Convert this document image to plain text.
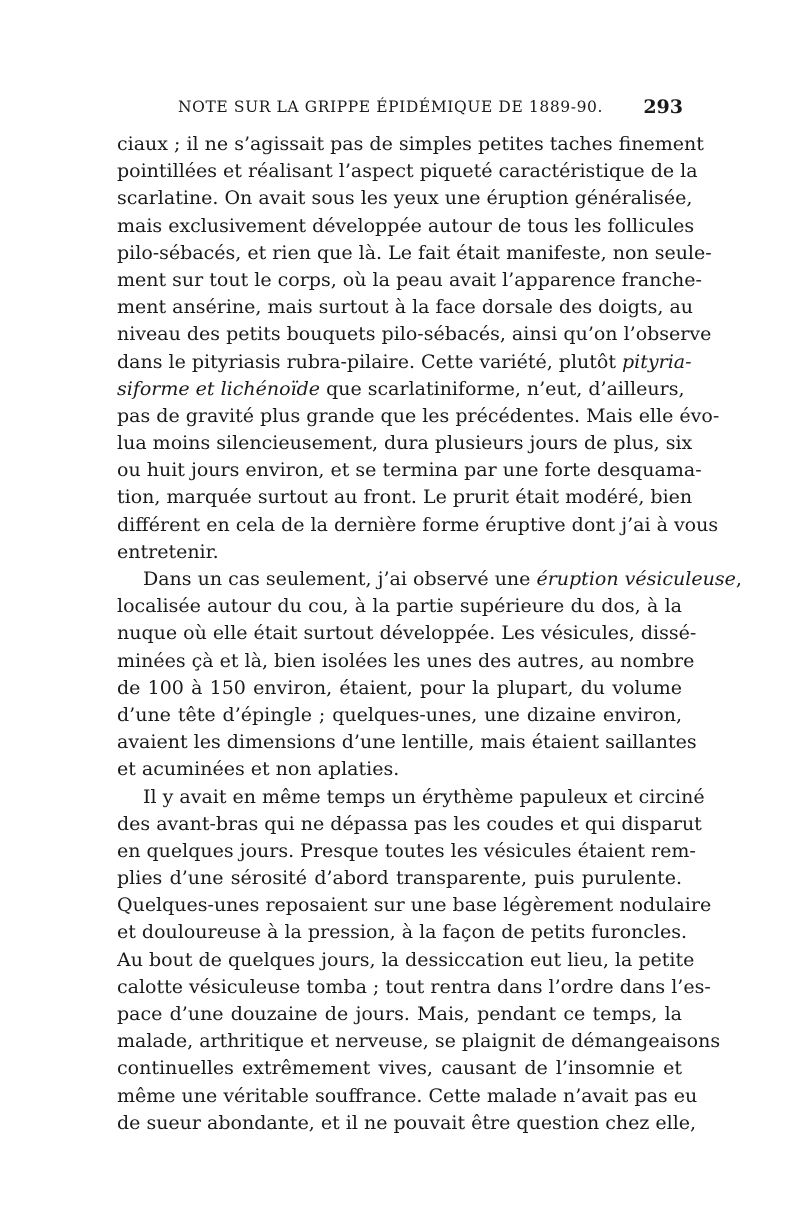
NOTE SUR LA GRIPPE ÉPIDÉMIQUE DE 1889-90. 293
ciaux ; il ne s’agissait pas de simples petites taches finement
pointillées et réalisant l’aspect piqueté caractéristique de la
scarlatine. On avait sous les yeux une éruption généralisée,
mais exclusivement développée autour de tous les follicules
pilo-sébacés, et rien que là. Le fait était manifeste, non seule-
ment sur tout le corps, où la peau avait l’apparence franche-
ment ansérine, mais surtout à la face dorsale des doigts, au
niveau des petits bouquets pilo-sébacés, ainsi qu’on l’observe
dans le pityriasis rubra-pilaire. Cette variété, plutôt pityria-
siforme et lichénoïde que scarlatiniforme, n’eut, d’ailleurs,
pas de gravité plus grande que les précédentes. Mais elle évo-
lua moins silencieusement, dura plusieurs jours de plus, six
ou huit jours environ, et se termina par une forte desquama-
tion, marquée surtout au front. Le prurit était modéré, bien
différent en cela de la dernière forme éruptive dont j’ai à vous
entretenir.
Dans un cas seulement, j’ai observé une éruption vésiculeuse,
localisée autour du cou, à la partie supérieure du dos, à la
nuque où elle était surtout développée. Les vésicules, dissé-
minées çà et là, bien isolées les unes des autres, au nombre
de 100 à 150 environ, étaient, pour la plupart, du volume
d’une tête d’épingle ; quelques-unes, une dizaine environ,
avaient les dimensions d’une lentille, mais étaient saillantes
et acuminées et non aplaties.
Il y avait en même temps un érythème papuleux et circiné
des avant-bras qui ne dépassa pas les coudes et qui disparut
en quelques jours. Presque toutes les vésicules étaient rem-
plies d’une sérosité d’abord transparente, puis purulente.
Quelques-unes reposaient sur une base légèrement nodulaire
et douloureuse à la pression, à la façon de petits furoncles.
Au bout de quelques jours, la dessiccation eut lieu, la petite
calotte vésiculeuse tomba ; tout rentra dans l’ordre dans l’es-
pace d’une douzaine de jours. Mais, pendant ce temps, la
malade, arthritique et nerveuse, se plaignit de démangeaisons
continuelles extrêmement vives, causant de l’insomnie et
même une véritable souffrance. Cette malade n’avait pas eu
de sueur abondante, et il ne pouvait être question chez elle,
